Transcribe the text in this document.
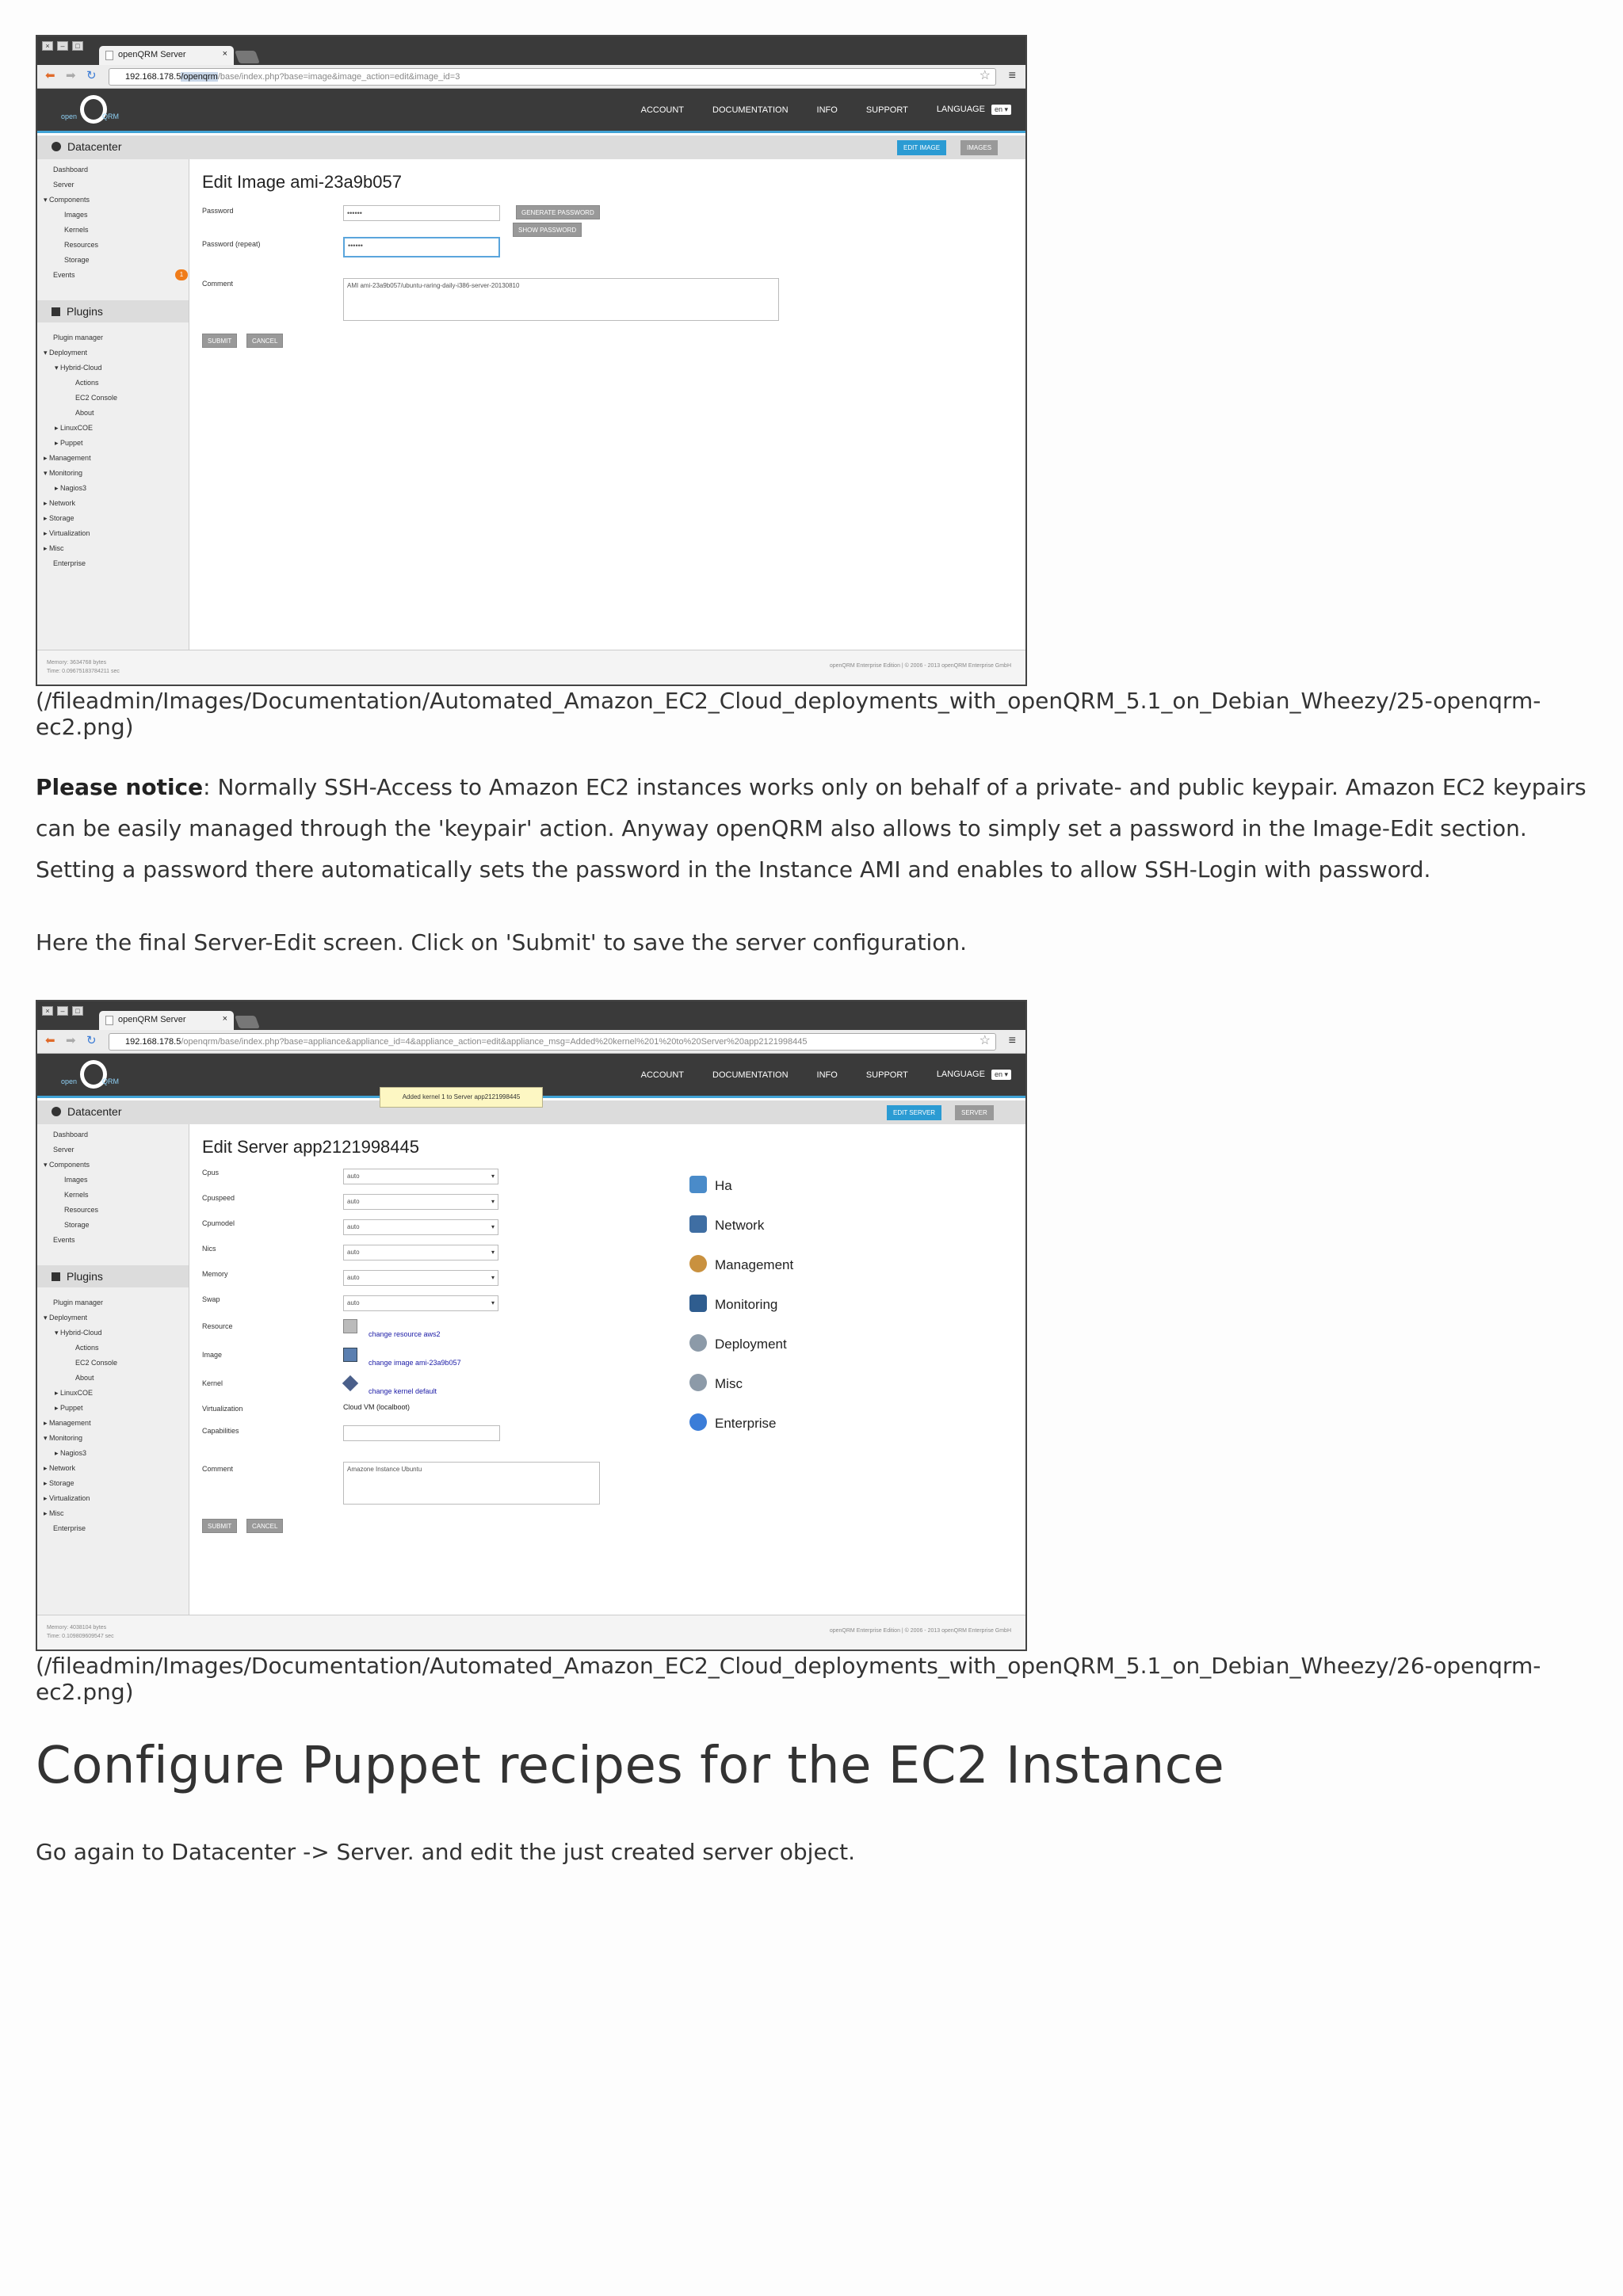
×	–	□
openQRM Server	×
⬅ ➡ ↻	192.168.178.5/openqrm/base/index.php?base=image&image_action=edit&image_id=3	☆ ≡
open	QRM
ACCOUNT	DOCUMENTATION	INFO	SUPPORT	LANGUAGE en ▾
Datacenter	EDIT IMAGE	IMAGES
Dashboard
Server
▾ Components
Images
Kernels
Resources
Storage
Events	1
Plugins
Plugin manager
▾ Deployment
▾ Hybrid-Cloud
Actions
EC2 Console
About
▸ LinuxCOE
▸ Puppet
▸ Management
▾ Monitoring
▸ Nagios3
▸ Network
▸ Storage
▸ Virtualization
▸ Misc
Enterprise
Edit Image ami-23a9b057
Password	••••••	GENERATE PASSWORD
SHOW PASSWORD
Password (repeat)	••••••
Comment	AMI ami-23a9b057/ubuntu-raring-daily-i386-server-20130810
SUBMIT	CANCEL
Memory: 3634768 bytes
Time: 0.09675183784211 sec
openQRM Enterprise Edition | © 2006 - 2013 openQRM Enterprise GmbH
(/fileadmin/Images/Documentation/Automated_Amazon_EC2_Cloud_deployments_with_openQRM_5.1_on_Debian_Wheezy/25-openqrm-ec2.png)
Please notice: Normally SSH-Access to Amazon EC2 instances works only on behalf of a private- and public keypair. Amazon EC2 keypairs can be easily managed through the 'keypair' action. Anyway openQRM also allows to simply set a password in the Image-Edit section. Setting a password there automatically sets the password in the Instance AMI and enables to allow SSH-Login with password.
Here the final Server-Edit screen. Click on 'Submit' to save the server configuration.
×	–	□
openQRM Server	×
⬅ ➡ ↻	192.168.178.5/openqrm/base/index.php?base=appliance&appliance_id=4&appliance_action=edit&appliance_msg=Added%20kernel%201%20to%20Server%20app2121998445	☆ ≡
open	QRM
ACCOUNT	DOCUMENTATION	INFO	SUPPORT	LANGUAGE en ▾
Added kernel 1 to Server app2121998445
Datacenter	EDIT SERVER	SERVER
Dashboard
Server
▾ Components
Images
Kernels
Resources
Storage
Events
Plugins
Plugin manager
▾ Deployment
▾ Hybrid-Cloud
Actions
EC2 Console
About
▸ LinuxCOE
▸ Puppet
▸ Management
▾ Monitoring
▸ Nagios3
▸ Network
▸ Storage
▸ Virtualization
▸ Misc
Enterprise
Edit Server app2121998445
Cpus	auto	▾
Cpuspeed	auto	▾
Cpumodel	auto	▾
Nics	auto	▾
Memory	auto	▾
Swap	auto	▾
Resource
change resource aws2
Image
change image ami-23a9b057
Kernel
change kernel default
Virtualization	Cloud VM (localboot)
Capabilities
Comment	Amazone Instance Ubuntu
SUBMIT	CANCEL
Ha
Network
Management
Monitoring
Deployment
Misc
Enterprise
Memory: 4038104 bytes
Time: 0.109809609547 sec
openQRM Enterprise Edition | © 2006 - 2013 openQRM Enterprise GmbH
(/fileadmin/Images/Documentation/Automated_Amazon_EC2_Cloud_deployments_with_openQRM_5.1_on_Debian_Wheezy/26-openqrm-ec2.png)
Configure Puppet recipes for the EC2 Instance
Go again to Datacenter -> Server. and edit the just created server object.
